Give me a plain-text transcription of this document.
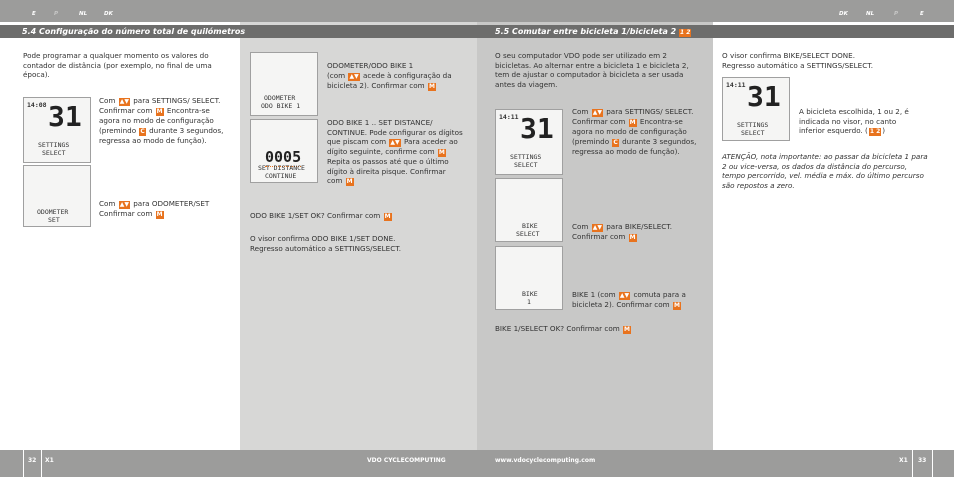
E	P	NL	DK
5.4 Configuração do número total de quilómetros
Pode programar a qualquer momento os valores do contador de distância (por exemplo, no final de uma época).
14:08 31
SETTINGS
SELECT
Com ▲▼ para SETTINGS/ SELECT. Confirmar com M Encontra-se agora no modo de configuração (premindo C durante 3 segundos, regressa ao modo de função).
ODOMETER
SET
Com ▲▼ para ODOMETER/SET
Confirmar com M
ODOMETER
ODO BIKE 1
ODOMETER/ODO BIKE 1
(com ▲▼ acede à configuração da bicicleta 2). Confirmar com M
0005
SET DISTANCE
CONTINUE
ODO BIKE 1 .. SET DISTANCE/ CONTINUE. Pode configurar os dígitos que piscam com ▲▼ Para aceder ao dígito seguinte, confirme com M Repita os passos até que o último dígito à direita pisque. Confirmar com M
ODO BIKE 1/SET OK? Confirmar com M
O visor confirma ODO BIKE 1/SET DONE.
Regresso automático a SETTINGS/SELECT.
32 X1	VDO CYCLECOMPUTING
DK	NL	P	E
5.5 Comutar entre bicicleta 1/bicicleta 2 1 2
O seu computador VDO pode ser utilizado em 2 bicicletas. Ao alternar entre a bicicleta 1 e bicicleta 2, tem de ajustar o computador à bicicleta a ser usada antes da viagem.
14:11 31
SETTINGS
SELECT
Com ▲▼ para SETTINGS/ SELECT. Confirmar com M Encontra-se agora no modo de configuração (premindo C durante 3 segundos, regressa ao modo de função).
BIKE
SELECT
Com ▲▼ para BIKE/SELECT.
Confirmar com M
BIKE
1
BIKE 1 (com ▲▼ comuta para a bicicleta 2). Confirmar com M
BIKE 1/SELECT OK? Confirmar com M
O visor confirma BIKE/SELECT DONE.
Regresso automático a SETTINGS/SELECT.
14:11 31
SETTINGS
SELECT
A bicicleta escolhida, 1 ou 2, é indicada no visor, no canto inferior esquerdo. ( 1 2 )
ATENÇÃO, nota importante: ao passar da bicicleta 1 para 2 ou vice-versa, os dados da distância do percurso, tempo percorrido, vel. média e máx. do último percurso são repostos a zero.
www.vdocyclecomputing.com	X1 33
